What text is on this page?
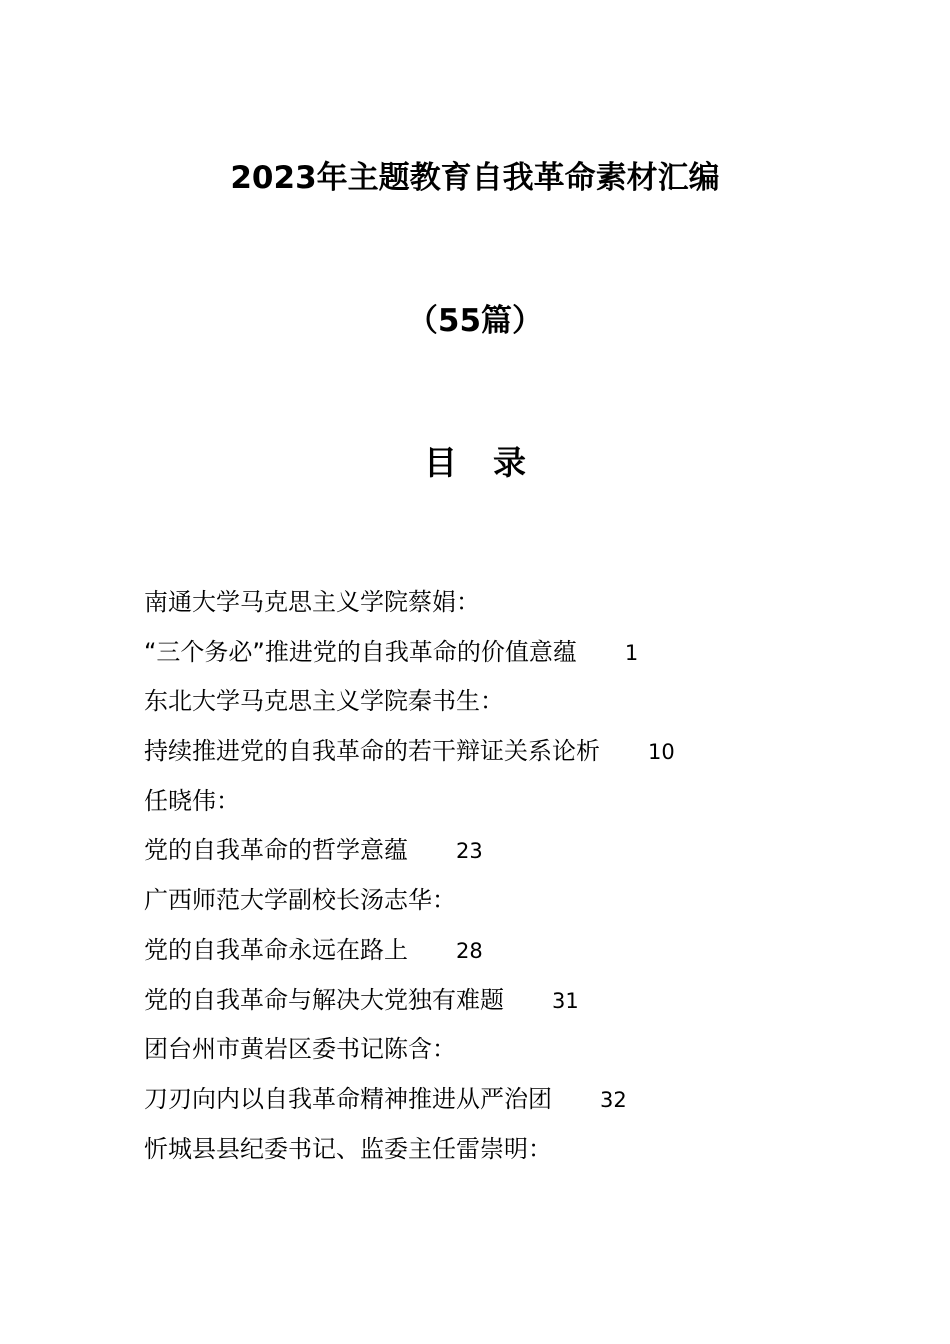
2023年主题教育自我革命素材汇编
（55篇）
目录
南通大学马克思主义学院蔡娟：
“三个务必”推进党的自我革命的价值意蕴 1
东北大学马克思主义学院秦书生：
持续推进党的自我革命的若干辩证关系论析 10
任晓伟：
党的自我革命的哲学意蕴 23
广西师范大学副校长汤志华：
党的自我革命永远在路上 28
党的自我革命与解决大党独有难题 31
团台州市黄岩区委书记陈含：
刀刃向内以自我革命精神推进从严治团 32
忻城县县纪委书记、监委主任雷崇明：
